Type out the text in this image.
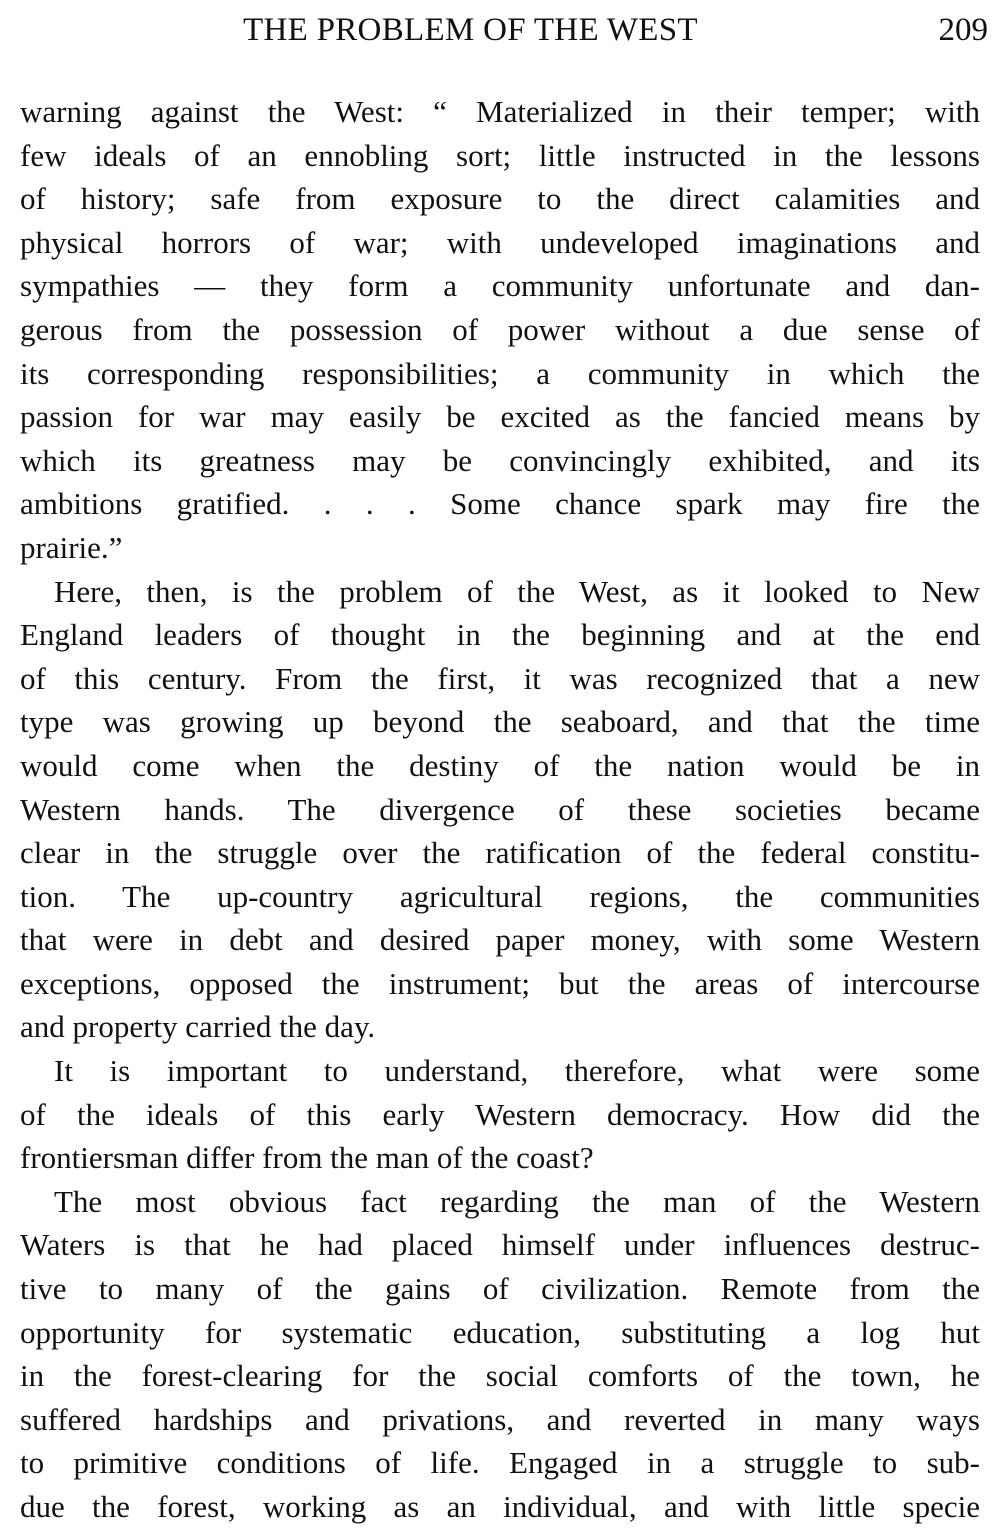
THE PROBLEM OF THE WEST	209
warning against the West: “ Materialized in their temper; with
few ideals of an ennobling sort; little instructed in the lessons
of history; safe from exposure to the direct calamities and
physical horrors of war; with undeveloped imaginations and
sympathies — they form a community unfortunate and dan-
gerous from the possession of power without a due sense of
its corresponding responsibilities; a community in which the
passion for war may easily be excited as the fancied means by
which its greatness may be convincingly exhibited, and its
ambitions gratified. . . . Some chance spark may fire the
prairie.”
Here, then, is the problem of the West, as it looked to New
England leaders of thought in the beginning and at the end
of this century. From the first, it was recognized that a new
type was growing up beyond the seaboard, and that the time
would come when the destiny of the nation would be in
Western hands. The divergence of these societies became
clear in the struggle over the ratification of the federal constitu-
tion. The up-country agricultural regions, the communities
that were in debt and desired paper money, with some Western
exceptions, opposed the instrument; but the areas of intercourse
and property carried the day.
It is important to understand, therefore, what were some
of the ideals of this early Western democracy. How did the
frontiersman differ from the man of the coast?
The most obvious fact regarding the man of the Western
Waters is that he had placed himself under influences destruc-
tive to many of the gains of civilization. Remote from the
opportunity for systematic education, substituting a log hut
in the forest-clearing for the social comforts of the town, he
suffered hardships and privations, and reverted in many ways
to primitive conditions of life. Engaged in a struggle to sub-
due the forest, working as an individual, and with little specie
